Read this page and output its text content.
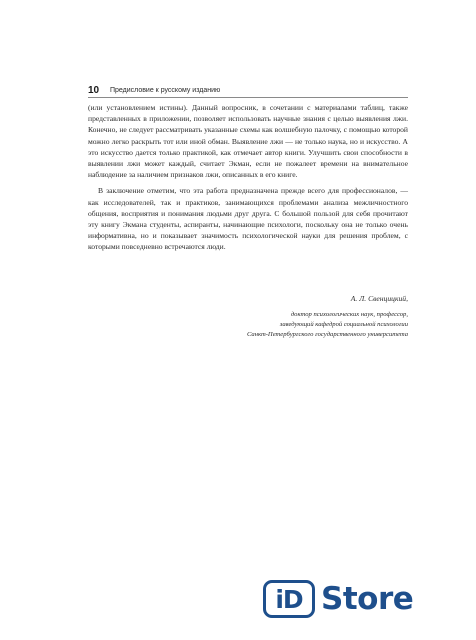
10	Предисловие к русскому изданию

(или установлением истины). Данный вопросник, в сочетании с материалами таблиц, также представленных в приложении, позволяет использовать научные знания с целью выявления лжи. Конечно, не следует рассматривать указанные схемы как волшебную палочку, с помощью которой можно легко раскрыть тот или иной обман. Выявление лжи — не только наука, но и искусство. А это искусство дается только практикой, как отмечает автор книги. Улучшить свои способности в выявлении лжи может каждый, считает Экман, если не пожалеет времени на внимательное наблюдение за наличием признаков лжи, описанных в его книге.

В заключение отметим, что эта работа предназначена прежде всего для профессионалов, — как исследователей, так и практиков, занимающихся проблемами анализа межличностного общения, восприятия и понимания людьми друг друга. С большой пользой для себя прочитают эту книгу Экмана студенты, аспиранты, начинающие психологи, поскольку она не только очень информативна, но и показывает значимость психологической науки для решения проблем, с которыми повседневно встречаются люди.

А. Л. Свенцицкий,
доктор психологических наук, профессор,
заведующий кафедрой социальной психологии
Санкт-Петербургского государственного университета
iD Store
